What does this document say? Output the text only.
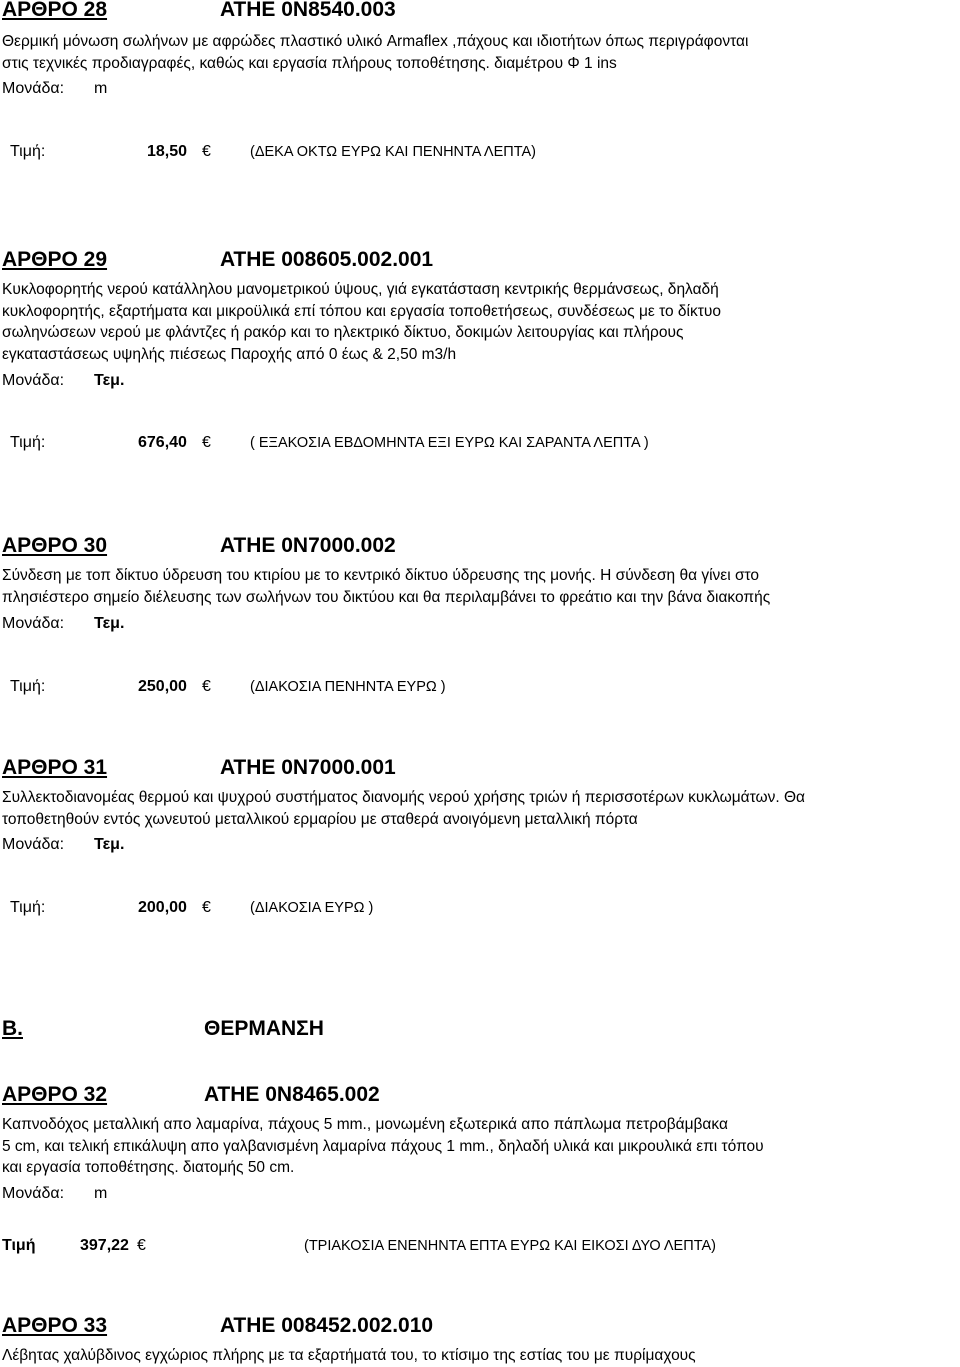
ΑΡΘΡΟ 28	ΑΤΗΕ 0Ν8540.003
Θερμική μόνωση σωλήνων με αφρώδες πλαστικό υλικό Armaflex ,πάχους και ιδιοτήτων όπως περιγράφονται
στις τεχνικές προδιαγραφές, καθώς και εργασία πλήρους τοποθέτησης. διαμέτρου Φ 1 ins
Μονάδα: m
Τιμή:	18,50 €	(ΔΕΚΑ ΟΚΤΩ ΕΥΡΩ ΚΑΙ ΠΕΝΗΝΤΑ ΛΕΠΤΑ)
ΑΡΘΡΟ 29	ΑΤΗΕ 008605.002.001
Κυκλοφορητής νερού κατάλληλου μανομετρικού ύψους, γιά εγκατάσταση κεντρικής θερμάνσεως, δηλαδή
κυκλοφορητής, εξαρτήματα και μικροϋλικά επί τόπου και εργασία τοποθετήσεως, συνδέσεως με το δίκτυο
σωληνώσεων νερού με φλάντζες ή ρακόρ και το ηλεκτρικό δίκτυο, δοκιμών λειτουργίας και πλήρους
εγκαταστάσεως υψηλής πιέσεως Παροχής από 0 έως & 2,50 m3/h
Μονάδα: Τεμ.
Τιμή:	676,40 €	( ΕΞΑΚΟΣΙΑ ΕΒΔΟΜΗΝΤΑ ΕΞΙ ΕΥΡΩ ΚΑΙ ΣΑΡΑΝΤΑ ΛΕΠΤΑ )
ΑΡΘΡΟ 30	ΑΤΗΕ 0Ν7000.002
Σύνδεση με τοπ δίκτυο ύδρευση του κτιρίου με το κεντρικό δίκτυο ύδρευσης της μονής. Η σύνδεση θα γίνει στο
πλησιέστερο σημείο διέλευσης των σωλήνων του δικτύου και θα περιλαμβάνει το φρεάτιο και την βάνα διακοπής
Μονάδα: Τεμ.
Τιμή:	250,00 €	(ΔΙΑΚΟΣΙΑ ΠΕΝΗΝΤΑ ΕΥΡΩ )
ΑΡΘΡΟ 31	ΑΤΗΕ 0Ν7000.001
Συλλεκτοδιανομέας θερμού και ψυχρού συστήματος διανομής νερού χρήσης τριών ή περισσοτέρων κυκλωμάτων. Θα
τοποθετηθούν εντός χωνευτού μεταλλικού ερμαρίου με σταθερά ανοιγόμενη μεταλλική πόρτα
Μονάδα: Τεμ.
Τιμή:	200,00 €	(ΔΙΑΚΟΣΙΑ ΕΥΡΩ )
Β.	ΘΕΡΜΑΝΣΗ
ΑΡΘΡΟ 32	ΑΤΗΕ 0Ν8465.002
Καπνοδόχος μεταλλική απο λαμαρίνα, πάχους 5 mm., μονωμένη εξωτερικά απο πάπλωμα πετροβάμβακα
5 cm, και τελική επικάλυψη απο γαλβανισμένη λαμαρίνα πάχους 1 mm., δηλαδή υλικά και μικρουλικά επι τόπου
και εργασία τοποθέτησης. διατομής 50 cm.
Μονάδα: m
Τιμή	397,22 €	(ΤΡΙΑΚΟΣΙΑ ΕΝΕΝΗΝΤΑ ΕΠΤΑ ΕΥΡΩ ΚΑΙ ΕΙΚΟΣΙ ΔΥΟ ΛΕΠΤΑ)
ΑΡΘΡΟ 33	ΑΤΗΕ 008452.002.010
Λέβητας χαλύβδινος εγχώριος πλήρης με τα εξαρτήματά του, το κτίσιμο της εστίας του με πυρίμαχους
